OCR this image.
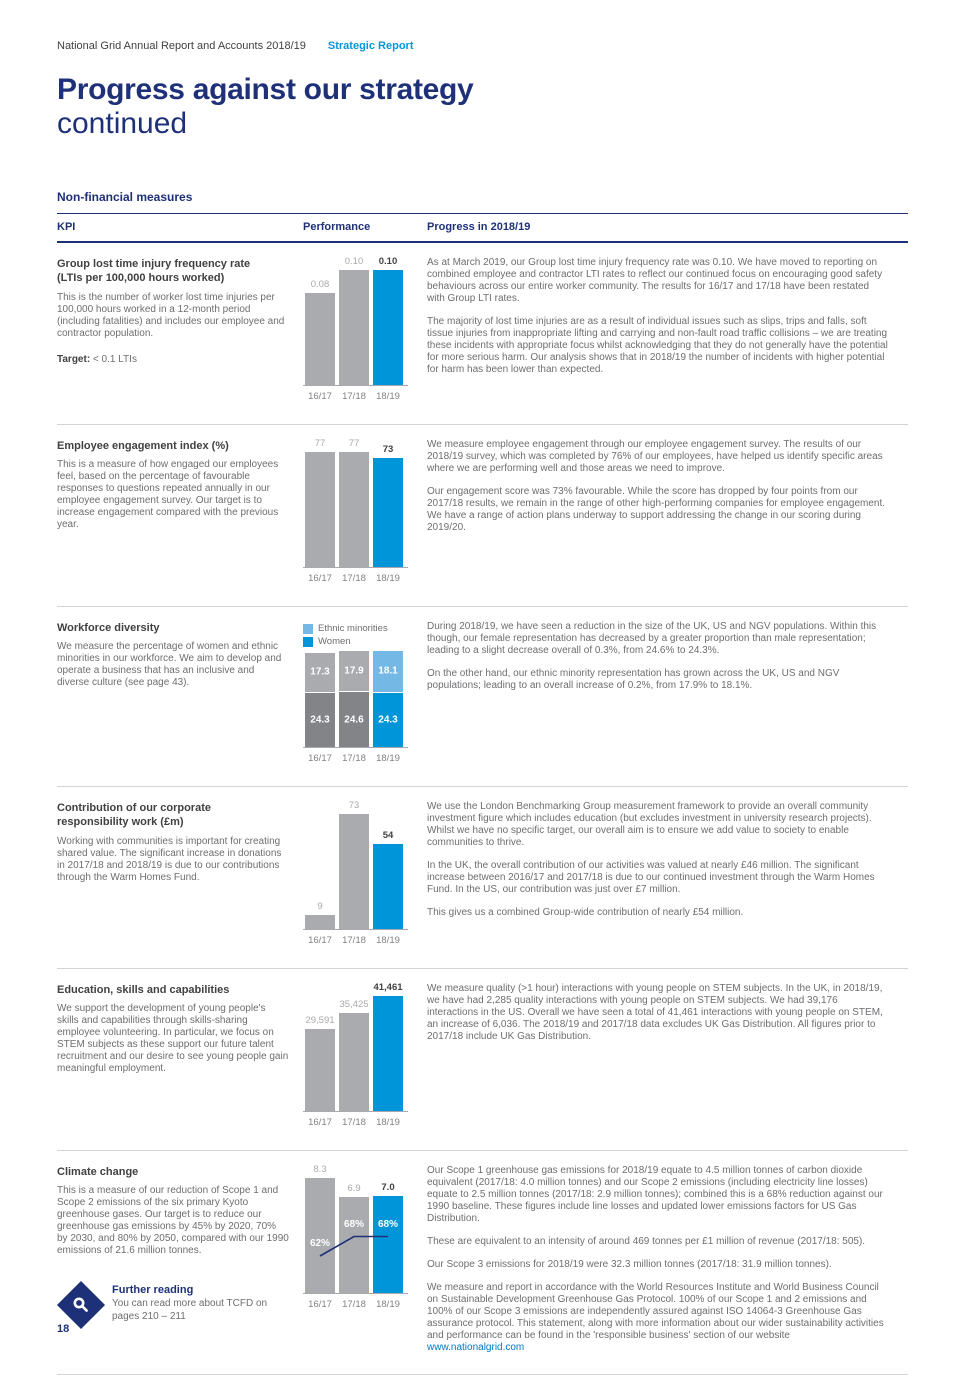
National Grid Annual Report and Accounts 2018/19 Strategic Report
Progress against our strategy
continued
Non-financial measures
KPI	Performance	Progress in 2018/19
Group lost time injury frequency rate (LTIs per 100,000 hours worked)

This is the number of worker lost time injuries per 100,000 hours worked in a 12-month period (including fatalities) and includes our employee and contractor population.

Target: < 0.1 LTIs

0.08
0.10 0.10
16/17 17/18 18/19

As at March 2019, our Group lost time injury frequency rate was 0.10. We have moved to reporting on combined employee and contractor LTI rates to reflect our continued focus on encouraging good safety behaviours across our entire worker community. The results for 16/17 and 17/18 have been restated with Group LTI rates.

The majority of lost time injuries are as a result of individual issues such as slips, trips and falls, soft tissue injuries from inappropriate lifting and carrying and non-fault road traffic collisions – we are treating these incidents with appropriate focus whilst acknowledging that they do not generally have the potential for more serious harm. Our analysis shows that in 2018/19 the number of incidents with higher potential for harm has been lower than expected.

Employee engagement index (%)

This is a measure of how engaged our employees feel, based on the percentage of favourable responses to questions repeated annually in our employee engagement survey. Our target is to increase engagement compared with the previous year.

77 77
73
16/17 17/18 18/19

We measure employee engagement through our employee engagement survey. The results of our 2018/19 survey, which was completed by 76% of our employees, have helped us identify specific areas where we are performing well and those areas we need to improve.

Our engagement score was 73% favourable. While the score has dropped by four points from our 2017/18 results, we remain in the range of other high-performing companies for employee engagement. We have a range of action plans underway to support addressing the change in our scoring during 2019/20.

Workforce diversity

We measure the percentage of women and ethnic minorities in our workforce. We aim to develop and operate a business that has an inclusive and diverse culture (see page 43).

Ethnic minorities
Women
24.3
17.3
24.6
17.9
24.3
18.1
16/17 17/18 18/19

During 2018/19, we have seen a reduction in the size of the UK, US and NGV populations. Within this though, our female representation has decreased by a greater proportion than male representation; leading to a slight decrease overall of 0.3%, from 24.6% to 24.3%.

On the other hand, our ethnic minority representation has grown across the UK, US and NGV populations; leading to an overall increase of 0.2%, from 17.9% to 18.1%.

Contribution of our corporate responsibility work (£m)

Working with communities is important for creating shared value. The significant increase in donations in 2017/18 and 2018/19 is due to our contributions through the Warm Homes Fund.

9
73
54
16/17 17/18 18/19

We use the London Benchmarking Group measurement framework to provide an overall community investment figure which includes education (but excludes investment in university research projects). Whilst we have no specific target, our overall aim is to ensure we add value to society to enable communities to thrive.

In the UK, the overall contribution of our activities was valued at nearly £46 million. The significant increase between 2016/17 and 2017/18 is due to our continued investment through the Warm Homes Fund. In the US, our contribution was just over £7 million.

This gives us a combined Group-wide contribution of nearly £54 million.

Education, skills and capabilities

We support the development of young people's skills and capabilities through skills-sharing employee volunteering. In particular, we focus on STEM subjects as these support our future talent recruitment and our desire to see young people gain meaningful employment.

29,591
35,425
41,461
16/17 17/18 18/19

We measure quality (>1 hour) interactions with young people on STEM subjects. In the UK, in 2018/19, we have had 2,285 quality interactions with young people on STEM subjects. We had 39,176 interactions in the US. Overall we have seen a total of 41,461 interactions with young people on STEM, an increase of 6,036. The 2018/19 and 2017/18 data excludes UK Gas Distribution. All figures prior to 2017/18 include UK Gas Distribution.

Climate change

This is a measure of our reduction of Scope 1 and Scope 2 emissions of the six primary Kyoto greenhouse gases. Our target is to reduce our greenhouse gas emissions by 45% by 2020, 70% by 2030, and 80% by 2050, compared with our 1990 emissions of 21.6 million tonnes.

Further reading
You can read more about TCFD on pages 210 – 211
8.3
6.9 7.0
62%
68% 68%
16/17 17/18 18/19

Our Scope 1 greenhouse gas emissions for 2018/19 equate to 4.5 million tonnes of carbon dioxide equivalent (2017/18: 4.0 million tonnes) and our Scope 2 emissions (including electricity line losses) equate to 2.5 million tonnes (2017/18: 2.9 million tonnes); combined this is a 68% reduction against our 1990 baseline. These figures include line losses and updated lower emissions factors for US Gas Distribution.

These are equivalent to an intensity of around 469 tonnes per £1 million of revenue (2017/18: 505).

Our Scope 3 emissions for 2018/19 were 32.3 million tonnes (2017/18: 31.9 million tonnes).

We measure and report in accordance with the World Resources Institute and World Business Council on Sustainable Development Greenhouse Gas Protocol. 100% of our Scope 1 and 2 emissions and 100% of our Scope 3 emissions are independently assured against ISO 14064-3 Greenhouse Gas assurance protocol. This statement, along with more information about our wider sustainability activities and performance can be found in the 'responsible business' section of our website www.nationalgrid.com

18
